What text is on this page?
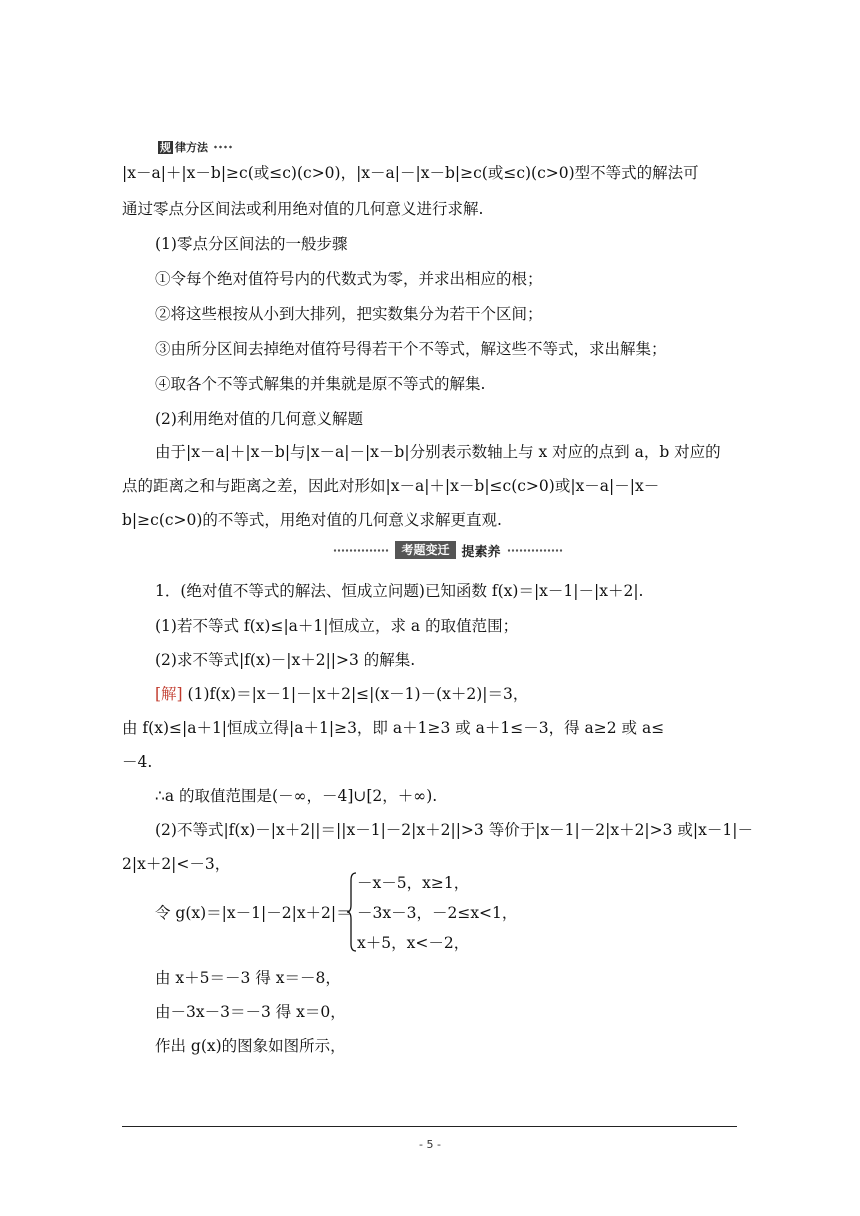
规 律方法
|x－a|＋|x－b|≥c(或≤c)(c>0)，|x－a|－|x－b|≥c(或≤c)(c>0)型不等式的解法可
通过零点分区间法或利用绝对值的几何意义进行求解.
(1)零点分区间法的一般步骤
①令每个绝对值符号内的代数式为零，并求出相应的根；
②将这些根按从小到大排列，把实数集分为若干个区间；
③由所分区间去掉绝对值符号得若干个不等式，解这些不等式，求出解集；
④取各个不等式解集的并集就是原不等式的解集.
(2)利用绝对值的几何意义解题
由于|x－a|＋|x－b|与|x－a|－|x－b|分别表示数轴上与 x 对应的点到 a，b 对应的
点的距离之和与距离之差，因此对形如|x－a|＋|x－b|≤c(c>0)或|x－a|－|x－
b|≥c(c>0)的不等式，用绝对值的几何意义求解更直观.
考题变迁 提素养
1．(绝对值不等式的解法、恒成立问题)已知函数 f(x)＝|x－1|－|x＋2|.
(1)若不等式 f(x)≤|a＋1|恒成立，求 a 的取值范围；
(2)求不等式|f(x)－|x＋2||>3 的解集.
[解] (1)f(x)＝|x－1|－|x＋2|≤|(x－1)－(x＋2)|＝3，
由 f(x)≤|a＋1|恒成立得|a＋1|≥3，即 a＋1≥3 或 a＋1≤－3，得 a≥2 或 a≤
－4.
∴a 的取值范围是(－∞，－4]∪[2，＋∞).
(2)不等式|f(x)－|x＋2||＝||x－1|－2|x＋2||>3 等价于|x－1|－2|x＋2|>3 或|x－1|－
2|x＋2|<－3，
令 g(x)＝|x－1|－2|x＋2|＝
－x－5，x≥1，
－3x－3，－2≤x<1，
x＋5，x<－2，
由 x＋5＝－3 得 x＝－8，
由－3x－3＝－3 得 x＝0，
作出 g(x)的图象如图所示，
- 5 -
